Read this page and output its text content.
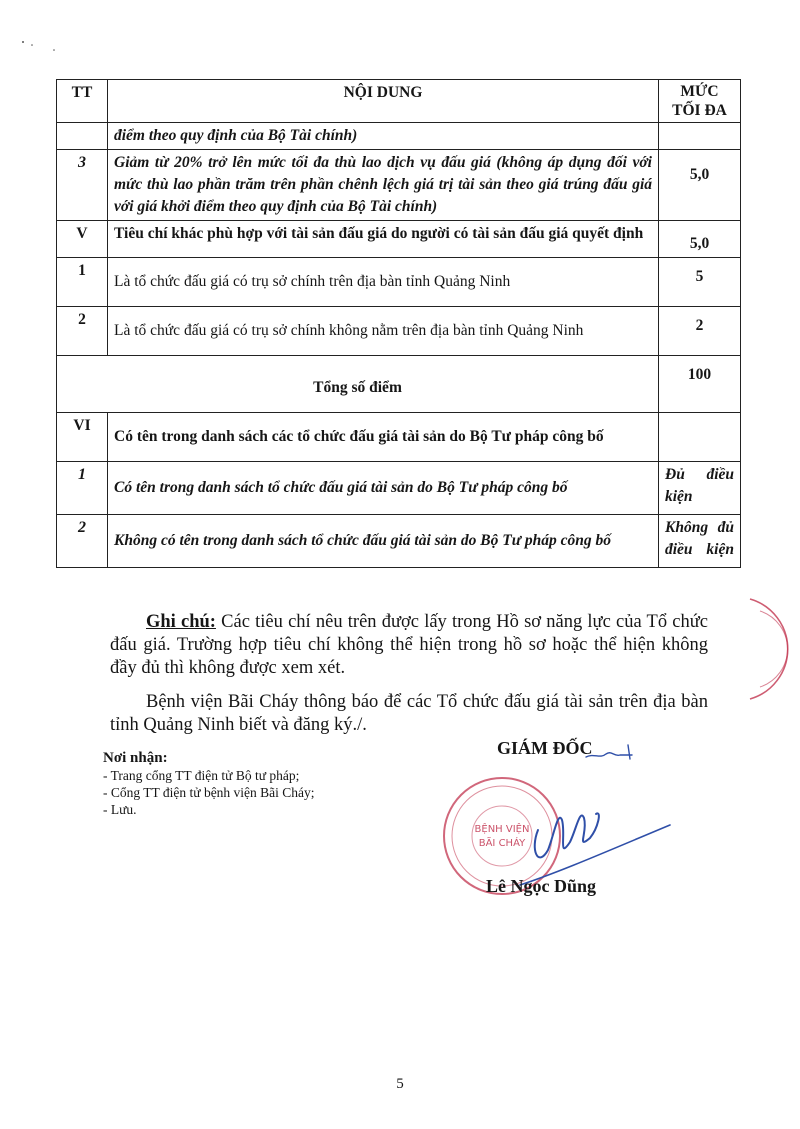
TT	NỘI DUNG	MỨC TỐI ĐA
	điểm theo quy định của Bộ Tài chính)	
3	Giảm từ 20% trở lên mức tối đa thù lao dịch vụ đấu giá (không áp dụng đối với mức thù lao phần trăm trên phần chênh lệch giá trị tài sản theo giá trúng đấu giá với giá khởi điểm theo quy định của Bộ Tài chính)	5,0
V	Tiêu chí khác phù hợp với tài sản đấu giá do người có tài sản đấu giá quyết định	5,0
1	Là tổ chức đấu giá có trụ sở chính trên địa bàn tỉnh Quảng Ninh	5
2	Là tổ chức đấu giá có trụ sở chính không nằm trên địa bàn tỉnh Quảng Ninh	2
Tổng số điểm		100
VI	Có tên trong danh sách các tổ chức đấu giá tài sản do Bộ Tư pháp công bố	
1	Có tên trong danh sách tổ chức đấu giá tài sản do Bộ Tư pháp công bố	Đủ điều kiện
2	Không có tên trong danh sách tổ chức đấu giá tài sản do Bộ Tư pháp công bố	Không đủ điều kiện

Ghi chú: Các tiêu chí nêu trên được lấy trong Hồ sơ năng lực của Tổ chức đấu giá. Trường hợp tiêu chí không thể hiện trong hồ sơ hoặc thể hiện không đầy đủ thì không được xem xét.

Bệnh viện Bãi Cháy thông báo để các Tổ chức đấu giá tài sản trên địa bàn tỉnh Quảng Ninh biết và đăng ký./.

Nơi nhận:
- Trang cổng TT điện tử Bộ tư pháp;
- Cổng TT điện tử bệnh viện Bãi Cháy;
- Lưu.
GIÁM ĐỐC
BỆNH VIỆN
BÃI CHÁY
Lê Ngọc Dũng
5
